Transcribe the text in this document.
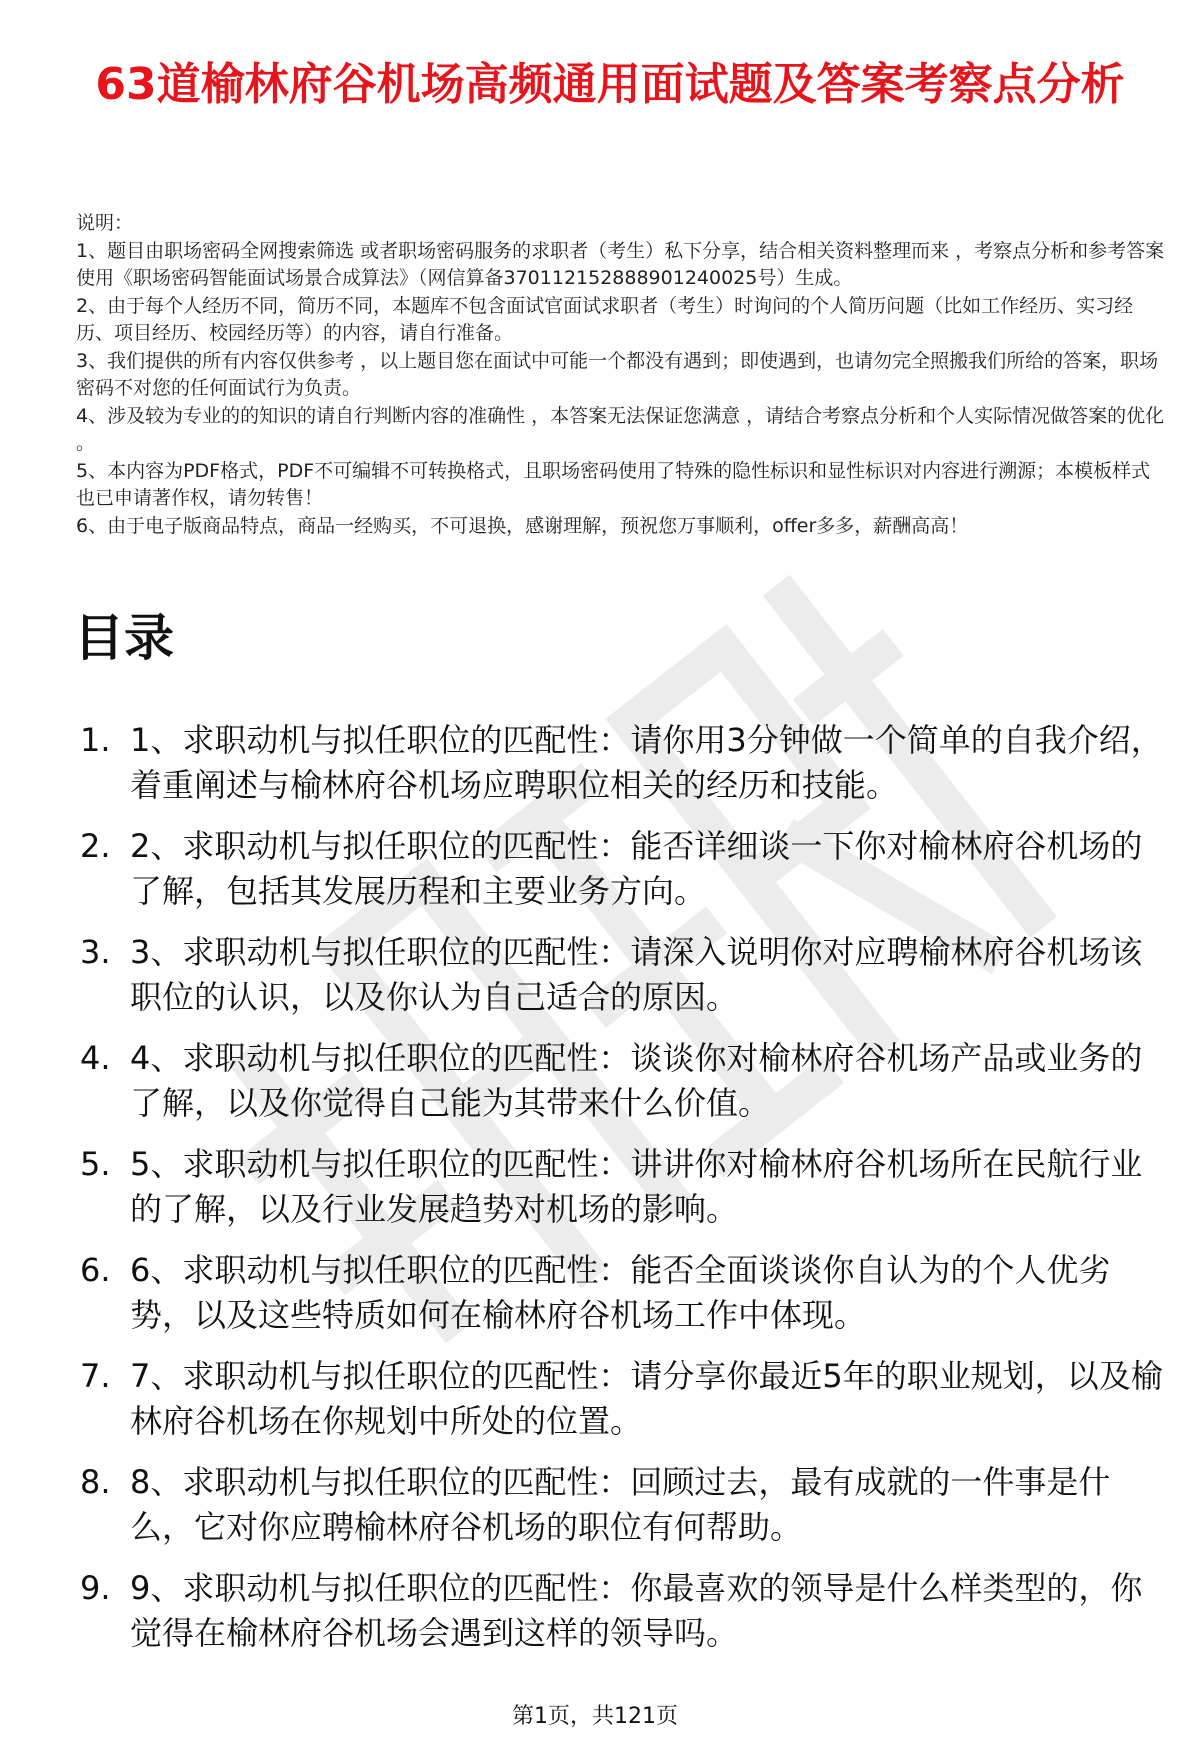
63道榆林府谷机场高频通用面试题及答案考察点分析
说明：
1、题目由职场密码全网搜索筛选 或者职场密码服务的求职者（考生）私下分享，结合相关资料整理而来 ，考察点分析和参考答案使用《职场密码智能面试场景合成算法》（网信算备370112152888901240025号）生成。
2、由于每个人经历不同，简历不同，本题库不包含面试官面试求职者（考生）时询问的个人简历问题（比如工作经历、实习经历、项目经历、校园经历等）的内容，请自行准备。
3、我们提供的所有内容仅供参考 ，以上题目您在面试中可能一个都没有遇到；即使遇到，也请勿完全照搬我们所给的答案，职场密码不对您的任何面试行为负责。
4、涉及较为专业的的知识的请自行判断内容的准确性 ，本答案无法保证您满意 ，请结合考察点分析和个人实际情况做答案的优化 。
5、本内容为PDF格式，PDF不可编辑不可转换格式，且职场密码使用了特殊的隐性标识和显性标识对内容进行溯源；本模板样式也已申请著作权，请勿转售！
6、由于电子版商品特点，商品一经购买，不可退换，感谢理解，预祝您万事顺利，offer多多，薪酬高高！
目录
1. 1、求职动机与拟任职位的匹配性：请你用3分钟做一个简单的自我介绍，着重阐述与榆林府谷机场应聘职位相关的经历和技能。
2. 2、求职动机与拟任职位的匹配性：能否详细谈一下你对榆林府谷机场的了解，包括其发展历程和主要业务方向。
3. 3、求职动机与拟任职位的匹配性：请深入说明你对应聘榆林府谷机场该职位的认识，以及你认为自己适合的原因。
4. 4、求职动机与拟任职位的匹配性：谈谈你对榆林府谷机场产品或业务的了解，以及你觉得自己能为其带来什么价值。
5. 5、求职动机与拟任职位的匹配性：讲讲你对榆林府谷机场所在民航行业的了解，以及行业发展趋势对机场的影响。
6. 6、求职动机与拟任职位的匹配性：能否全面谈谈你自认为的个人优劣势，以及这些特质如何在榆林府谷机场工作中体现。
7. 7、求职动机与拟任职位的匹配性：请分享你最近5年的职业规划，以及榆林府谷机场在你规划中所处的位置。
8. 8、求职动机与拟任职位的匹配性：回顾过去，最有成就的一件事是什么，它对你应聘榆林府谷机场的职位有何帮助。
9. 9、求职动机与拟任职位的匹配性：你最喜欢的领导是什么样类型的，你觉得在榆林府谷机场会遇到这样的领导吗。
第1页，共121页
